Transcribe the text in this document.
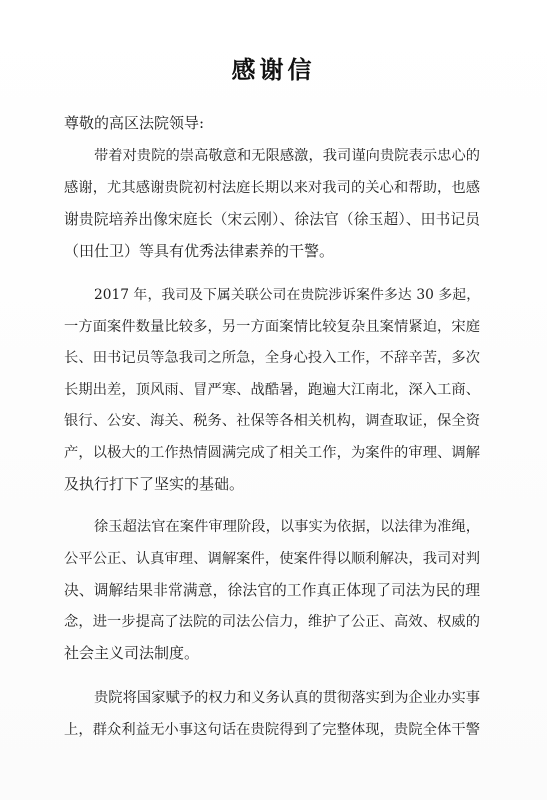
感谢信
尊敬的高区法院领导:
带着对贵院的崇高敬意和无限感激，我司谨向贵院表示忠心的
感谢，尤其感谢贵院初村法庭长期以来对我司的关心和帮助，也感
谢贵院培养出像宋庭长（宋云刚）、徐法官（徐玉超）、田书记员
（田仕卫）等具有优秀法律素养的干警。
2017 年，我司及下属关联公司在贵院涉诉案件多达 30 多起，
一方面案件数量比较多，另一方面案情比较复杂且案情紧迫，宋庭
长、田书记员等急我司之所急，全身心投入工作，不辞辛苦，多次
长期出差，顶风雨、冒严寒、战酷暑，跑遍大江南北，深入工商、
银行、公安、海关、税务、社保等各相关机构，调查取证，保全资
产，以极大的工作热情圆满完成了相关工作，为案件的审理、调解
及执行打下了坚实的基础。
徐玉超法官在案件审理阶段，以事实为依据，以法律为准绳，
公平公正、认真审理、调解案件，使案件得以顺利解决，我司对判
决、调解结果非常满意，徐法官的工作真正体现了司法为民的理
念，进一步提高了法院的司法公信力，维护了公正、高效、权威的
社会主义司法制度。
贵院将国家赋予的权力和义务认真的贯彻落实到为企业办实事
上，群众利益无小事这句话在贵院得到了完整体现，贵院全体干警
